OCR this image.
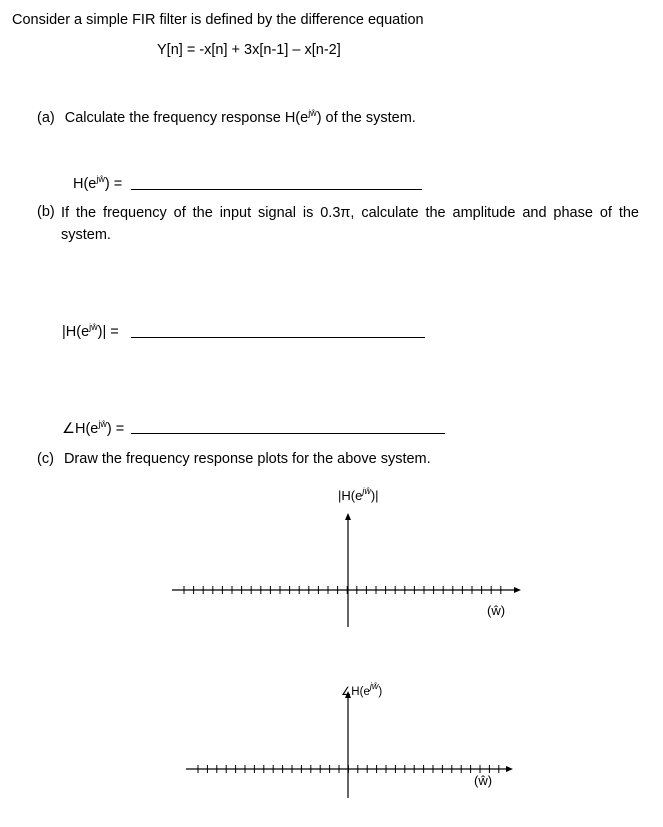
Consider a simple FIR filter is defined by the difference equation
Y[n] = -x[n] + 3x[n-1] – x[n-2]
(a) Calculate the frequency response $H(e^{jŵ})$ of the system.
$H(e^{jŵ})$ =
(b) If the frequency of the input signal is 0.3π, calculate the amplitude and phase of the
system.
$|H(e^{jŵ})|$ =
$\angle H(e^{jŵ})$ =
(c) Draw the frequency response plots for the above system.
$|H(e^{jŵ})|$
(ŵ)
$\angle H(e^{jŵ})$
(ŵ)
